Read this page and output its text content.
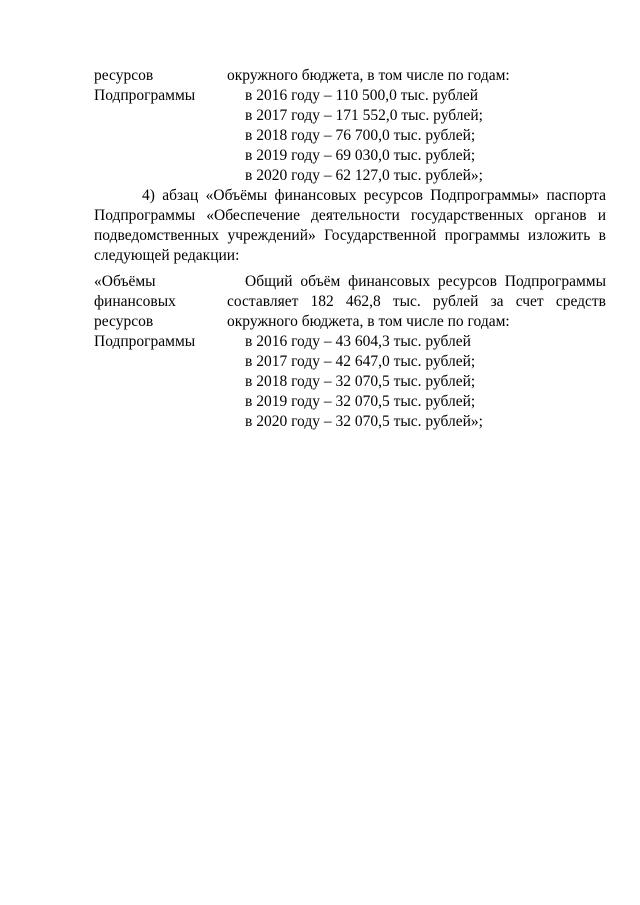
ресурсов
Подпрограммы
окружного бюджета, в том числе по годам:
в 2016 году – 110 500,0 тыс. рублей
в 2017 году – 171 552,0 тыс. рублей;
в 2018 году – 76 700,0 тыс. рублей;
в 2019 году – 69 030,0 тыс. рублей;
в 2020 году – 62 127,0 тыс. рублей»;
4) абзац «Объёмы финансовых ресурсов Подпрограммы» паспорта
Подпрограммы «Обеспечение деятельности государственных органов и
подведомственных учреждений» Государственной программы изложить в
следующей редакции:
«Объёмы
финансовых
ресурсов
Подпрограммы
Общий объём финансовых ресурсов Подпрограммы
составляет 182 462,8 тыс. рублей за счет средств
окружного бюджета, в том числе по годам:
в 2016 году – 43 604,3 тыс. рублей
в 2017 году – 42 647,0 тыс. рублей;
в 2018 году – 32 070,5 тыс. рублей;
в 2019 году – 32 070,5 тыс. рублей;
в 2020 году – 32 070,5 тыс. рублей»;
